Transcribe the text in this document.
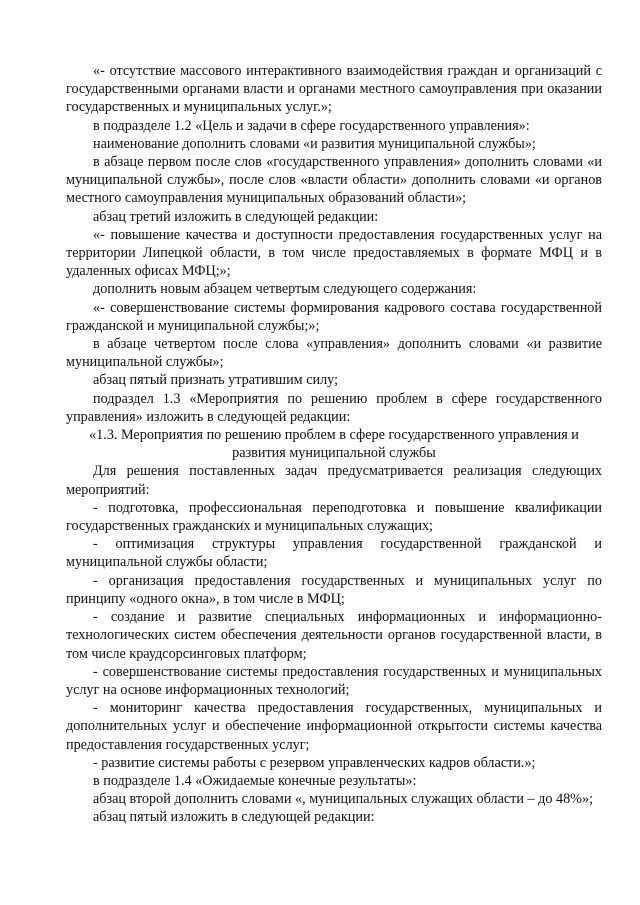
«- отсутствие массового интерактивного взаимодействия граждан и организаций с государственными органами власти и органами местного самоуправления при оказании государственных и муниципальных услуг.»;

в подразделе 1.2 «Цель и задачи в сфере государственного управления»:

наименование дополнить словами «и развития муниципальной службы»;

в абзаце первом после слов «государственного управления» дополнить словами «и муниципальной службы», после слов «власти области» дополнить словами «и органов местного самоуправления муниципальных образований области»;

абзац третий изложить в следующей редакции:

«- повышение качества и доступности предоставления государственных услуг на территории Липецкой области, в том числе предоставляемых в формате МФЦ и в удаленных офисах МФЦ;»;

дополнить новым абзацем четвертым следующего содержания:

«- совершенствование системы формирования кадрового состава государственной гражданской и муниципальной службы;»;

в абзаце четвертом после слова «управления» дополнить словами «и развитие муниципальной службы»;

абзац пятый признать утратившим силу;

подраздел 1.3 «Мероприятия по решению проблем в сфере государственного управления» изложить в следующей редакции:

«1.3. Мероприятия по решению проблем в сфере государственного управления и развития муниципальной службы

Для решения поставленных задач предусматривается реализация следующих мероприятий:

- подготовка, профессиональная переподготовка и повышение квалификации государственных гражданских и муниципальных служащих;

- оптимизация структуры управления государственной гражданской и муниципальной службы области;

- организация предоставления государственных и муниципальных услуг по принципу «одного окна», в том числе в МФЦ;

- создание и развитие специальных информационных и информационно-технологических систем обеспечения деятельности органов государственной власти, в том числе краудсорсинговых платформ;

- совершенствование системы предоставления государственных и муниципальных услуг на основе информационных технологий;

- мониторинг качества предоставления государственных, муниципальных и дополнительных услуг и обеспечение информационной открытости системы качества предоставления государственных услуг;

- развитие системы работы с резервом управленческих кадров области.»;

в подразделе 1.4 «Ожидаемые конечные результаты»:

абзац второй дополнить словами «, муниципальных служащих области – до 48%»;

абзац пятый изложить в следующей редакции:
